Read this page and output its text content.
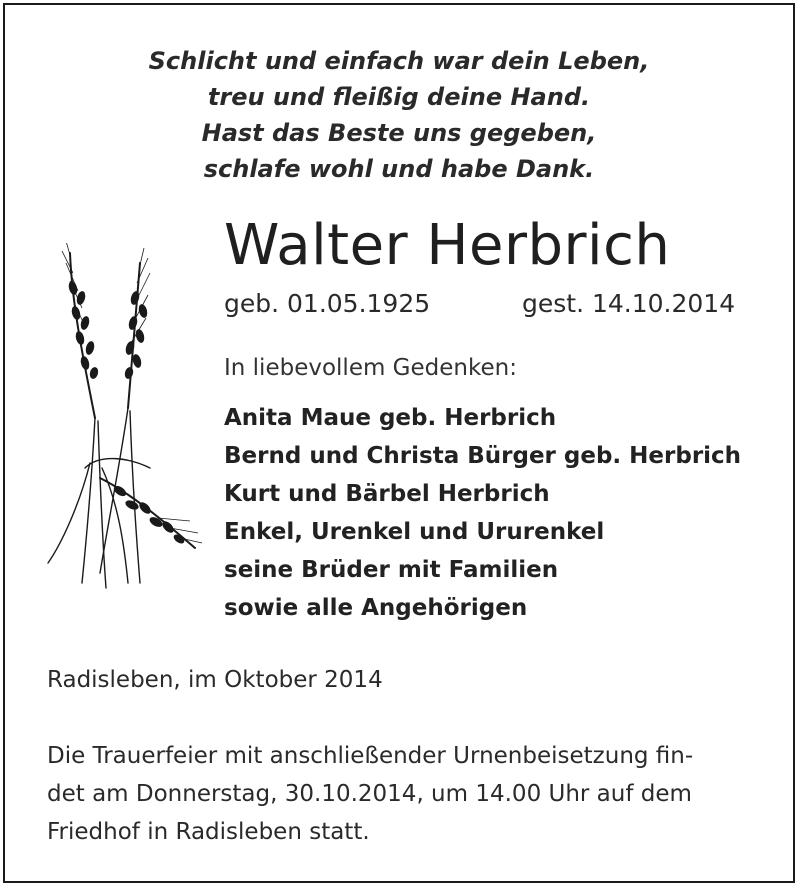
Schlicht und einfach war dein Leben,
treu und fleißig deine Hand.
Hast das Beste uns gegeben,
schlafe wohl und habe Dank.
Walter Herbrich
geb. 01.05.1925	gest. 14.10.2014
In liebevollem Gedenken:
Anita Maue geb. Herbrich
Bernd und Christa Bürger geb. Herbrich
Kurt und Bärbel Herbrich
Enkel, Urenkel und Ururenkel
seine Brüder mit Familien
sowie alle Angehörigen
Radisleben, im Oktober 2014
Die Trauerfeier mit anschließender Urnenbeisetzung fin-
det am Donnerstag, 30.10.2014, um 14.00 Uhr auf dem
Friedhof in Radisleben statt.
